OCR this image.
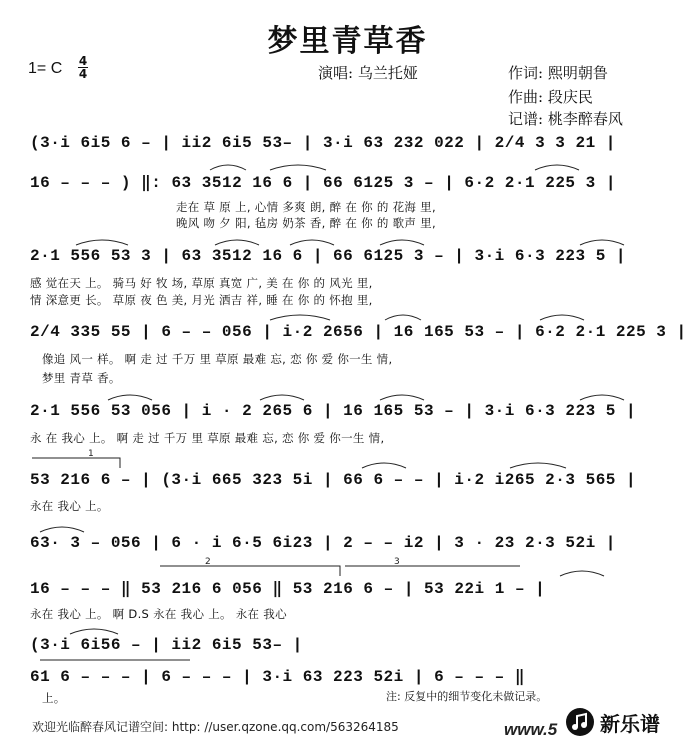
梦里青草香
演唱: 乌兰托娅	作词: 熙明朝鲁
作曲: 段庆民
记谱: 桃李醉春风
1= C 4
4
(3·i 6i5 6 – | ii2 6i5 53– | 3·i 63 232 022 | 2/4 3 3 21 |
16 – – – ) ‖: 63 3512 16 6 | 66 6125 3 – | 6·2 2·1 225 3 |
走在 草 原 上, 心情 多爽 朗, 醉 在 你 的 花海 里,
晚风 吻 夕 阳, 毡房 奶茶 香, 醉 在 你 的 歌声 里,
2·1 556 53 3 | 63 3512 16 6 | 66 6125 3 – | 3·i 6·3 223 5 |
感 觉在天 上。 骑马 好 牧 场, 草原 真宽 广, 美 在 你 的 风光 里,
情 深意更 长。 草原 夜 色 美, 月光 洒吉 祥, 睡 在 你 的 怀抱 里,
2/4 335 55 | 6 – – 056 | i·2 2656 | 16 165 53 – | 6·2 2·1 225 3 |
像追 风一 样。 啊 走 过 千万 里 草原 最难 忘, 恋 你 爱 你一生 情,
梦里 青草 香。
2·1 556 53 056 | i · 2 265 6 | 16 165 53 – | 3·i 6·3 223 5 |
永 在 我心 上。 啊 走 过 千万 里 草原 最难 忘, 恋 你 爱 你一生 情,
53 216 6 – | (3·i 665 323 5i | 66 6 – – | i·2 i265 2·3 565 |
永在 我心 上。
63· 3 – 056 | 6 · i 6·5 6i23 | 2 – – i2 | 3 · 23 2·3 52i |
16 – – – ‖ 53 216 6 056 ‖ 53 216 6 – | 53 22i 1 – |
永在 我心 上。 啊 D.S 永在 我心 上。 永在 我心
(3·i 6i56 – | ii2 6i5 53– |
61 6 – – – | 6 – – – | 3·i 63 223 52i | 6 – – – ‖
上。	注: 反复中的细节变化未做记录。
1
2	3
欢迎光临醉春风记谱空间: http: //user.qzone.qq.com/563264185	www.5 新乐谱
